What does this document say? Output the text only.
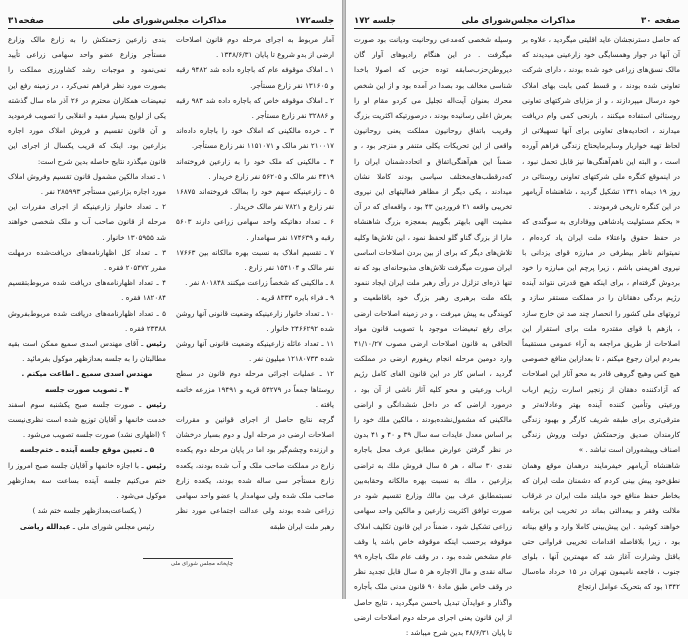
جلسه۱۷۲
مذاکرات مجلس‌شورای ملی
صفحه۳۱

آمار مربوط به اجرای مرحله دوم قانون اصلاحات ارضی از بدو شروع تا پایان ۱۳۴۸/۶/۳۱ .

۱ ـ املاک موقوفه عام که باجاره داده شد ۹۴۸۲ رقبه و ۱۳۱۶۰۵ نفر زارع مستأجر.

۲ ـ املاک موقوفه خاص که باجاره داده شد ۹۸۴ رقبه و ۳۲۸۸۶ نفر زارع مستأجر .

۳ ـ خرده مالکینی که املاک خود را باجاره داده‌اند ۲۱۰۰۱۷ نفر مالک و ۱۱۵۱۰۷۱ نفر زارع مستأجر.

۴ ـ مالکینی که ملک خود را به زارعین فروخته‌اند ۳۴۱۹ نفر مالک و ۵۶۲۰۵ نفر زارع خریدار .

۵ ـ زارعینیکه سهم خود را بمالک فروخته‌اند ۱۶۸۷۵ نفر زارع و ۷۸۲۱ نفر مالک خریدار .

۶ ـ تعداد دهاتیکه واحد سهامی زراعی دارند ۵۶۰۳ رقبه و ۱۷۴۶۳۹ نفر سهامدار .

۷ ـ تقسیم املاک به نسبت بهره مالکانه بین ۱۷۶۶۳ نفر مالک و ۱۵۴۱۰۴ نفر زارع .

۸ ـ مالکینی که شخصاً زراعت میکنند ۸۰۱۸۴۸ نفر .

۹ ـ فراء بایره ۸۳۳۳ قریه .

۱۰ ـ تعداد خانوار زارعینیکه وضعیت قانونی آنها روشن شده ۲۴۶۶۲۹۲ خانوار .

۱۱ ـ تعداد عائله زارعینیکه وضعیت قانونی آنها روشن شده ۱۲۱۸۰۷۳۳ میلیون نفر .

۱۲ ـ عملیات اجرائی مرحله دوم قانون در سطح روستاها جمعاً در ۵۴۲۷۹ قریه و ۱۹۴۹۱ مزرعه خاتمه یافته .

گرچه نتایج حاصل از اجرای قوانین و مقررات اصلاحات ارضی در مرحله اول و دوم بسیار درخشان و ارزنده وچشم‌گیر بود اما در پایان مرحله دوم یکعده زارع در مملکت صاحب ملک و آب شده بودند، یکعده زارع مستأجر سی ساله شده بودند، یکعده زارع صاحب ملک شده ولی سهامدار یا عضو واحد سهامی زراعی شده بودند ولی عدالت اجتماعی مورد نظر رهبر ملت ایران طبقه

بندی زارعین زحمتکش را به زارع مالک وزارع مستأجر وزارع عضو واحد سهامی زراعی تأیید نمی‌نمود و موجبات رشد کشاورزی مملکت را بصورت مورد نظر فراهم نمی‌کرد ، در زمینه رفع این تبعیضات همکاران محترم در ۲۶ آذر ماه سال گذشته یکی از لوایح بسیار مفید و انقلابی را تصویب فرمودید و آن قانون تقسیم و فروش املاک مورد اجاره بزارعین بود. اینک که قریب یکسال از اجرای این قانون میگذرد نتایج حاصله بدین شرح است:

۱ ـ تعداد مالکین مشمول قانون تقسیم وفروش املاک مورد اجاره بزارعین مستأجر ۲۸۵۹۹۳ نفر .

۲ ـ تعداد خانوار زارعینیکه از اجرای مقررات این مرحله از قانون صاحب آب و ملک شخصی خواهند شد ۱۳۰۵۹۵۵ خانوار .

۳ ـ تعداد کل اظهارنامه‌های دریافت‌شده درمهلت مقرر ۲۰۵۴۷۲ فقره .

۴ ـ تعداد اظهارنامه‌های دریافت شده مربوط‌بتقسیم ۱۸۲۰۸۴ فقره .

۵ ـ تعداد اظهارنامه‌های دریافت شده مربوط‌بفروش ۲۳۳۸۸ فقره .

رئیس ـ آقای مهندس اسدی سمیع ممکن است بقیه مطالبتان را به جلسه بعدازظهر موکول بفرمائید .

مهندس اسدی سمیع ـ اطاعت میکنم .

۴ ـ تصویب صورت جلسه

رئیس ـ صورت جلسه صبح یکشنبه سوم اسفند خدمت خانمها و آقایان توزیع شده است نظری‌نیست ؟ (اظهاری نشد) صورت جلسه تصویب می‌شود .

۵ ـ تعیین موقع جلسه آینده ـ ختم‌جلسه

رئیس ـ با اجازه خانمها و آقایان جلسه صبح امروز را ختم می‌کنیم جلسه آینده بساعت سه بعدازظهر موکول می‌شود .

( یکساعت‌بعدازظهر جلسه ختم شد )

رئیس مجلس شورای ملی ـ عبدالله ریاضی

چاپخانه مجلس شورای ملی
صفحه ۳۰
مذاکرات مجلس‌شورای ملی
جلسه ۱۷۲

که حاصل دسترنجشان عاید اقلیتی میگردید ، علاوه بر آن آنها در جوار وهمسایگی خود زارعینی میدیدند که مالک نسق‌های زراعی خود شده بودند ، دارای شرکت تعاونی شده بودند ، و قسط کمی بابت بهای املاک خود درسال میپردازند ، و از مزایای شرکتهای تعاونی روستائی استفاده میکنند ، بارنحی کمی وام دریافت میدارند ، اتحادیه‌های تعاونی برای آنها تسهیلاتی از لحاظ تهیه خواربار وسایرمایحتاج زندگی فراهم آورده است ، و البته این ناهم‌آهنگی‌ها نیز قابل تحمل نبود ، در اینموقع کنگره ملی شرکتهای تعاونی روستائی در روز ۱۹ دیماه ۱۳۴۱ تشکیل گردید ، شاهنشاه آریامهر در این کنگره تاریخی فرمودند .

« بحکم مسئولیت پادشاهی ووفاداری به سوگندی که در حفظ حقوق واعتلاء ملت ایران یاد کرده‌ام ، نمیتوانم ناظر بیطرفی در مبارزه قوای یزدانی با نیروی اهریمنی باشم ، زیرا پرچم این مبارزه را خود بردوش گرفته‌ام ، برای اینکه هیچ قدرتی نتواند آینده رژیم بردگی دهقانان را در مملکت مستقر سازد و ثروتهای ملی کشور را انحصار چند صد تن خارج سازد ، بازهم با قوای مقتدره ملت برای استقرار این اصلاحات از طریق مراجعه به آراء عمومی مستقیماً بمردم ایران رجوع میکنم ، تا بعدازاین منافع خصوصی هیچ کس وهیچ گروهی قادر به محو آثار این اصلاحات که آزادکننده دهقان از زنجیر اسارت رژیم ارباب ورعیتی وتأمین کننده آینده بهتر وعادلانه‌تر و مترقی‌تری برای طبقه شریف کارگر و بهبود زندگی کارمندان صدیق وزحمتکش دولت وروش زندگی اصناف وپیشه‌وران است نباشد . »

شاهنشاه آریامهر خیفرمایند درهمان موقع وهمان نطق‌خود پیش بینی کردم که دشمنان ملت ایران که بخاطر حفظ منافع خود مایلند ملت ایران در غرقاب ملالت وفقر و بیعدالتی بماند در تخریب این برنامه خواهند کوشید . این پیش‌بینی کاملا وارد و واقع بینانه بود ، زیرا بلافاصله اقدامات تخریبی فراوانی حتی باقتل وشرارت آغاز شد که مهمترین آنها ، بلوای جنوب ، فاجعه نامیمون تهران در ۱۵ خرداد ماه‌سال ۱۳۴۲ بود که بتحریک عوامل ارتجاع

وسیله شخصی که‌مدعی روحانیت ودیانت بود صورت میگرفت . در این هنگام رادیوهای آوار گان دیروطن‌حزب‌سابقه توده حزبی که اصولا باخدا شناسی مخالف بود بصدا در آمده بود و از این شخص محرك بعنوان آیت‌اله تجلیل می کردو مقام او را بعرش اعلی رسانیده بودند ، درصورتیکه اکثریت بزرگ وقریب باتفاق روحانیون مملکت یعنی روحانیون واقعی از این تحریکات یکلی متنفر و منزجر بود ، و ضمناً این هم‌آهنگی‌اتفاق و اتحاددشمنان ایران را که‌درقطب‌های‌مختلف سیاسی بودند کاملا نشان میدادند ، یکی دیگر از مظاهر فعالیتهای این نیروی تخریبی واقعه ۲۱ فروردین ۴۳ بود ، واقعه‌ای که در آن مشیت الهی بابهتر بگوییم بمعجزه بزرگ شاهنشاه مارا از بزرگ گناو گلو لحفظ نمود ، این تلاش‌ها وکلیه تلاش‌های دیگر که برای از بین بردن اصلاحات اساسی ایران صورت میگرفت تلاش‌های مذبوحانه‌ای بود که نه تنها ذره‌ای تزلزل در رأی رهبر ملت ایران ایجاد ننمود بلکه ملت برهبری رهبر بزرگ خود باقاطعیت و کوبندگی به پیش میرفت ، و در زمینه اصلاحات ارضی برای رفع تبعیضات موجود با تصویب قانون مواد الحاقی به قانون اصلاحات ارضی مصوب ۴۱/۱۰/۲۷ وارد دومین مرحله انجام ریفورم ارضی در مملکت گردید ، اساس کار در این قانون الغای کامل رژیم ارباب ورعیتی و محو کلیه آثار ناشی از آن بود ، درمورد اراضی که در داخل ششدانگی و اراضی مالکینی که مشمول‌نشده‌بودند ، مالکین ملك خود را بر اساس معدل عایدات سه سال ۳۹ و ۴۰ و ۴۱ بدون در نظر گرفتن عوارض مطابق عرف محل باجاره نقدی ۳۰ ساله ، هر ۵ سال فروش ملك به تراضی بزارعین ، ملك به نسبت بهره مالکانه وحقابه‌بین نسبتمطابق عرف بین مالك وزارع تقسیم شود در صورت توافق اکثریت زارعین و مالکین واحد سهامی زراعی تشکیل شود ، ضمناً در این قانون تکلیف املاک موقوفه برحسب اینکه موقوفه خاص باشد یا وقف عام مشخص شده بود ، در وقف عام ملک باجاره ۹۹ ساله نقدی و مال الاجاره هر ۵ سال قابل تجدید نظر در وقف خاص طبق مادهٔ ۹۰ قانون مدنی ملک بأجاره واگذار و عوایدآن تبدیل باحسن میگردید ، نتایج حاصل از این قانون یعنی اجرای مرحله دوم اصلاحات ارضی تا پایان ۴۸/۶/۳۱ بدین شرح میباشد :
